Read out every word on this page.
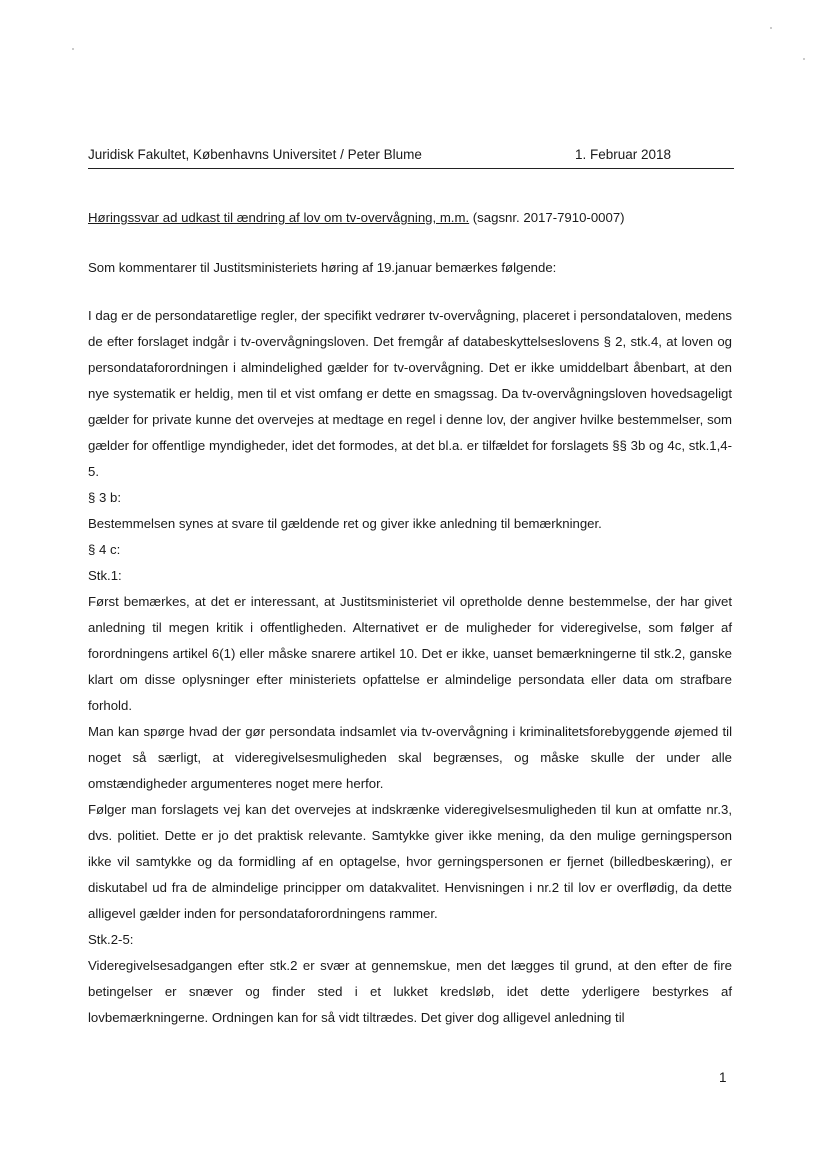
Juridisk Fakultet, Københavns Universitet / Peter Blume	1. Februar 2018

Høringssvar ad udkast til ændring af lov om tv-overvågning, m.m. (sagsnr. 2017-7910-0007)

Som kommentarer til Justitsministeriets høring af 19.januar bemærkes følgende:

I dag er de persondataretlige regler, der specifikt vedrører tv-overvågning, placeret i persondataloven, medens de efter forslaget indgår i tv-overvågningsloven. Det fremgår af databeskyttelseslovens § 2, stk.4, at loven og persondataforordningen i almindelighed gælder for tv-overvågning. Det er ikke umiddelbart åbenbart, at den nye systematik er heldig, men til et vist omfang er dette en smagssag. Da tv-overvågningsloven hovedsageligt gælder for private kunne det overvejes at medtage en regel i denne lov, der angiver hvilke bestemmelser, som gælder for offentlige myndigheder, idet det formodes, at det bl.a. er tilfældet for forslagets §§ 3b og 4c, stk.1,4-5.

§ 3 b:

Bestemmelsen synes at svare til gældende ret og giver ikke anledning til bemærkninger.

§ 4 c:

Stk.1:

Først bemærkes, at det er interessant, at Justitsministeriet vil opretholde denne bestemmelse, der har givet anledning til megen kritik i offentligheden. Alternativet er de muligheder for videregivelse, som følger af forordningens artikel 6(1) eller måske snarere artikel 10. Det er ikke, uanset bemærkningerne til stk.2, ganske klart om disse oplysninger efter ministeriets opfattelse er almindelige persondata eller data om strafbare forhold.

Man kan spørge hvad der gør persondata indsamlet via tv-overvågning i kriminalitetsforebyggende øjemed til noget så særligt, at videregivelsesmuligheden skal begrænses, og måske skulle der under alle omstændigheder argumenteres noget mere herfor.

Følger man forslagets vej kan det overvejes at indskrænke videregivelsesmuligheden til kun at omfatte nr.3, dvs. politiet. Dette er jo det praktisk relevante. Samtykke giver ikke mening, da den mulige gerningsperson ikke vil samtykke og da formidling af en optagelse, hvor gerningspersonen er fjernet (billedbeskæring), er diskutabel ud fra de almindelige principper om datakvalitet. Henvisningen i nr.2 til lov er overflødig, da dette alligevel gælder inden for persondataforordningens rammer.

Stk.2-5:

Videregivelsesadgangen efter stk.2 er svær at gennemskue, men det lægges til grund, at den efter de fire betingelser er snæver og finder sted i et lukket kredsløb, idet dette yderligere bestyrkes af lovbemærkningerne. Ordningen kan for så vidt tiltrædes. Det giver dog alligevel anledning til

1
